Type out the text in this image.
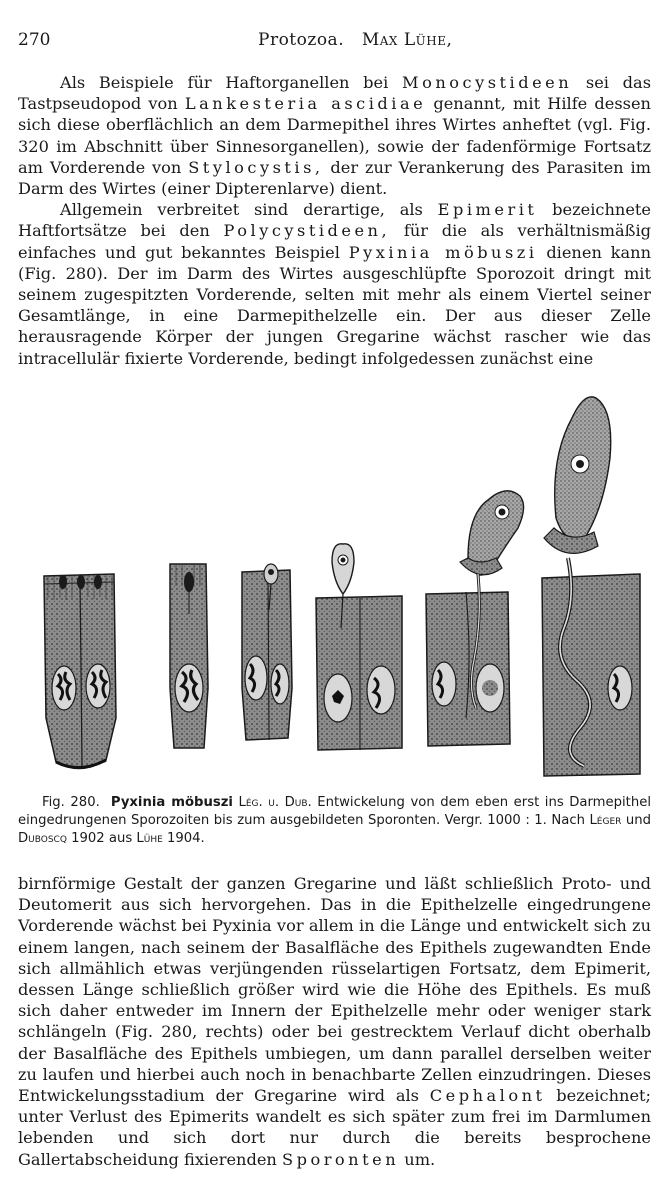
270	Protozoa. Max Lühe,

Als Beispiele für Haftorganellen bei Monocystideen sei das Tastpseudopod von Lankesteria ascidiae genannt, mit Hilfe dessen sich diese oberflächlich an dem Darmepithel ihres Wirtes anheftet (vgl. Fig. 320 im Abschnitt über Sinnesorganellen), sowie der fadenförmige Fortsatz am Vorderende von Stylocystis, der zur Verankerung des Parasiten im Darm des Wirtes (einer Dipterenlarve) dient.

Allgemein verbreitet sind derartige, als Epimerit bezeichnete Haftfortsätze bei den Polycystideen, für die als verhältnismäßig einfaches und gut bekanntes Beispiel Pyxinia möbuszi dienen kann (Fig. 280). Der im Darm des Wirtes ausgeschlüpfte Sporozoit dringt mit seinem zugespitzten Vorderende, selten mit mehr als einem Viertel seiner Gesamtlänge, in eine Darmepithelzelle ein. Der aus dieser Zelle herausragende Körper der jungen Gregarine wächst rascher wie das intracellulär fixierte Vorderende, bedingt infolgedessen zunächst eine

Fig. 280. Pyxinia möbuszi Lég. u. Dub. Entwickelung von dem eben erst ins Darmepithel eingedrungenen Sporozoiten bis zum ausgebildeten Sporonten. Vergr. 1000 : 1. Nach Léger und Duboscq 1902 aus Lühe 1904.

birnförmige Gestalt der ganzen Gregarine und läßt schließlich Proto- und Deutomerit aus sich hervorgehen. Das in die Epithelzelle eingedrungene Vorderende wächst bei Pyxinia vor allem in die Länge und entwickelt sich zu einem langen, nach seinem der Basalfläche des Epithels zugewandten Ende sich allmählich etwas verjüngenden rüsselartigen Fortsatz, dem Epimerit, dessen Länge schließlich größer wird wie die Höhe des Epithels. Es muß sich daher entweder im Innern der Epithelzelle mehr oder weniger stark schlängeln (Fig. 280, rechts) oder bei gestrecktem Verlauf dicht oberhalb der Basalfläche des Epithels umbiegen, um dann parallel derselben weiter zu laufen und hierbei auch noch in benachbarte Zellen einzudringen. Dieses Entwickelungsstadium der Gregarine wird als Cephalont bezeichnet; unter Verlust des Epimerits wandelt es sich später zum frei im Darmlumen lebenden und sich dort nur durch die bereits besprochene Gallertabscheidung fixierenden Sporonten um.
